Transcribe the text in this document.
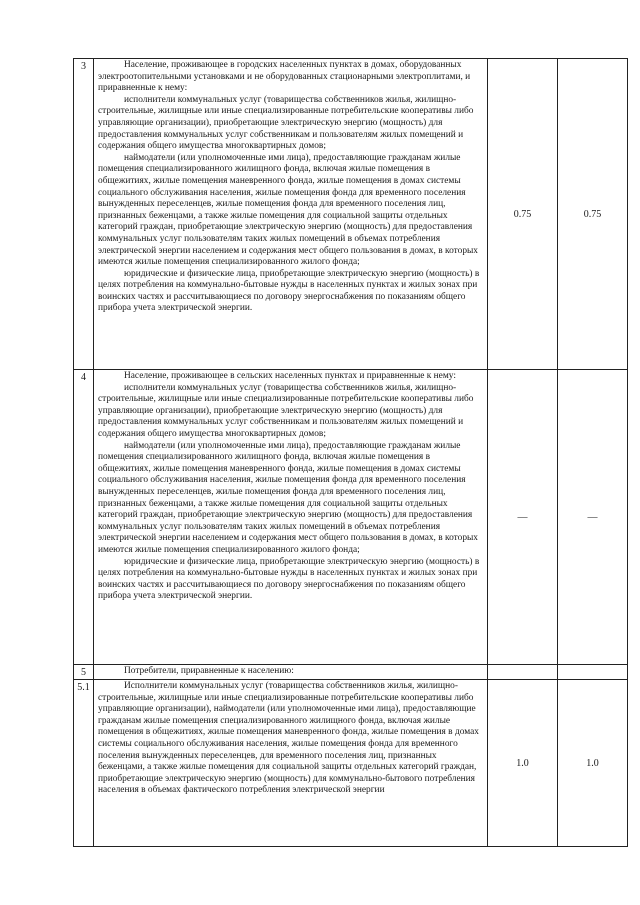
3	Население, проживающее в городских населенных пунктах в домах, оборудованных электроотопительными установками и не оборудованных стационарными электроплитами, и приравненные к нему:

исполнители коммунальных услуг (товарищества собственников жилья, жилищно-строительные, жилищные или иные специализированные потребительские кооперативы либо управляющие организации), приобретающие электрическую энергию (мощность) для предоставления коммунальных услуг собственникам и пользователям жилых помещений и содержания общего имущества многоквартирных домов;

наймодатели (или уполномоченные ими лица), предоставляющие гражданам жилые помещения специализированного жилищного фонда, включая жилые помещения в общежитиях, жилые помещения маневренного фонда, жилые помещения в домах системы социального обслуживания населения, жилые помещения фонда для временного поселения вынужденных переселенцев, жилые помещения фонда для временного поселения лиц, признанных беженцами, а также жилые помещения для социальной защиты отдельных категорий граждан, приобретающие электрическую энергию (мощность) для предоставления коммунальных услуг пользователям таких жилых помещений в объемах потребления электрической энергии населением и содержания мест общего пользования в домах, в которых имеются жилые помещения специализированного жилого фонда;

юридические и физические лица, приобретающие электрическую энергию (мощность) в целях потребления на коммунально-бытовые нужды в населенных пунктах и жилых зонах при воинских частях и рассчитывающиеся по договору энергоснабжения по показаниям общего прибора учета электрической энергии.	0.75	0.75
4	Население, проживающее в сельских населенных пунктах и приравненные к нему:

исполнители коммунальных услуг (товарищества собственников жилья, жилищно-строительные, жилищные или иные специализированные потребительские кооперативы либо управляющие организации), приобретающие электрическую энергию (мощность) для предоставления коммунальных услуг собственникам и пользователям жилых помещений и содержания общего имущества многоквартирных домов;

наймодатели (или уполномоченные ими лица), предоставляющие гражданам жилые помещения специализированного жилищного фонда, включая жилые помещения в общежитиях, жилые помещения маневренного фонда, жилые помещения в домах системы социального обслуживания населения, жилые помещения фонда для временного поселения вынужденных переселенцев, жилые помещения фонда для временного поселения лиц, признанных беженцами, а также жилые помещения для социальной защиты отдельных категорий граждан, приобретающие электрическую энергию (мощность) для предоставления коммунальных услуг пользователям таких жилых помещений в объемах потребления электрической энергии населением и содержания мест общего пользования в домах, в которых имеются жилые помещения специализированного жилого фонда;

юридические и физические лица, приобретающие электрическую энергию (мощность) в целях потребления на коммунально-бытовые нужды в населенных пунктах и жилых зонах при воинских частях и рассчитывающиеся по договору энергоснабжения по показаниям общего прибора учета электрической энергии.	—	—
5	Потребители, приравненные к населению:		

5.1	Исполнители коммунальных услуг (товарищества собственников жилья, жилищно-строительные, жилищные или иные специализированные потребительские кооперативы либо управляющие организации), наймодатели (или уполномоченные ими лица), предоставляющие гражданам жилые помещения специализированного жилищного фонда, включая жилые помещения в общежитиях, жилые помещения маневренного фонда, жилые помещения в домах системы социального обслуживания населения, жилые помещения фонда для временного поселения вынужденных переселенцев, для временного поселения лиц, признанных беженцами, а также жилые помещения для социальной защиты отдельных категорий граждан, приобретающие электрическую энергию (мощность) для коммунально-бытового потребления населения в объемах фактического потребления электрической энергии	1.0	1.0
